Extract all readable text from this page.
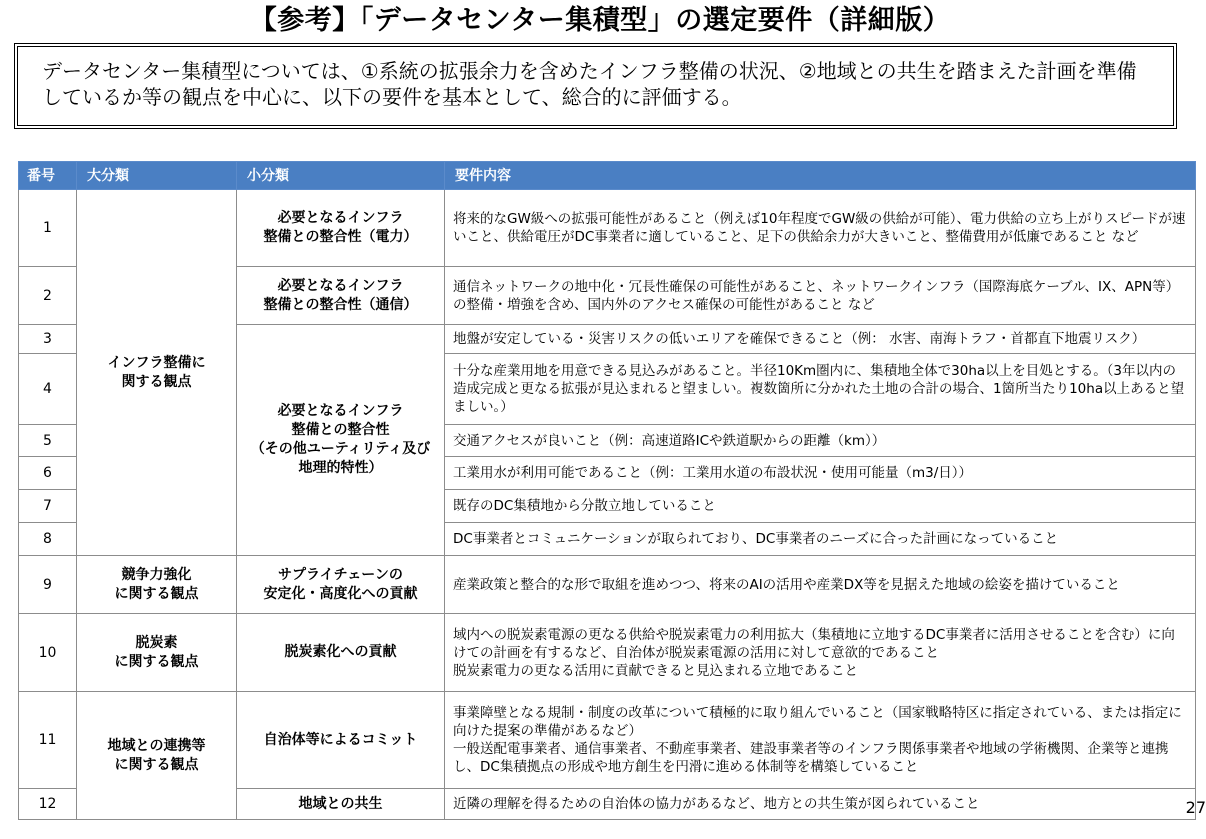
【参考】「データセンター集積型」の選定要件（詳細版）
データセンター集積型については、①系統の拡張余力を含めたインフラ整備の状況、②地域との共生を踏まえた計画を準備しているか等の観点を中心に、以下の要件を基本として、総合的に評価する。
番号	大分類	小分類	要件内容
1	インフラ整備に
関する観点	必要となるインフラ
整備との整合性（電力）	将来的なGW級への拡張可能性があること（例えば10年程度でGW級の供給が可能）、電力供給の立ち上がりスピードが速いこと、供給電圧がDC事業者に適していること、足下の供給余力が大きいこと、整備費用が低廉であること など
2		必要となるインフラ
整備との整合性（通信）	通信ネットワークの地中化・冗長性確保の可能性があること、ネットワークインフラ（国際海底ケーブル、IX、APN等）の整備・増強を含め、国内外のアクセス確保の可能性があること など
3		必要となるインフラ
整備との整合性
（その他ユーティリティ及び
地理的特性）	地盤が安定している・災害リスクの低いエリアを確保できること（例： 水害、南海トラフ・首都直下地震リスク）
4			十分な産業用地を用意できる見込みがあること。半径10Km圏内に、集積地全体で30ha以上を目処とする。（3年以内の造成完成と更なる拡張が見込まれると望ましい。複数箇所に分かれた土地の合計の場合、1箇所当たり10ha以上あると望ましい。）
5			交通アクセスが良いこと（例：高速道路ICや鉄道駅からの距離（km））
6			工業用水が利用可能であること（例：工業用水道の布設状況・使用可能量（m3/日））
7			既存のDC集積地から分散立地していること
8			DC事業者とコミュニケーションが取られており、DC事業者のニーズに合った計画になっていること
9	競争力強化
に関する観点	サプライチェーンの
安定化・高度化への貢献	産業政策と整合的な形で取組を進めつつ、将来のAIの活用や産業DX等を見据えた地域の絵姿を描けていること
10	脱炭素
に関する観点	脱炭素化への貢献	域内への脱炭素電源の更なる供給や脱炭素電力の利用拡大（集積地に立地するDC事業者に活用させることを含む）に向けての計画を有するなど、自治体が脱炭素電源の活用に対して意欲的であること
脱炭素電力の更なる活用に貢献できると見込まれる立地であること
11	地域との連携等
に関する観点	自治体等によるコミット	事業障壁となる規制・制度の改革について積極的に取り組んでいること（国家戦略特区に指定されている、または指定に向けた提案の準備があるなど）
一般送配電事業者、通信事業者、不動産事業者、建設事業者等のインフラ関係事業者や地域の学術機関、企業等と連携し、DC集積拠点の形成や地方創生を円滑に進める体制等を構築していること
12		地域との共生	近隣の理解を得るための自治体の協力があるなど、地方との共生策が図られていること	27
